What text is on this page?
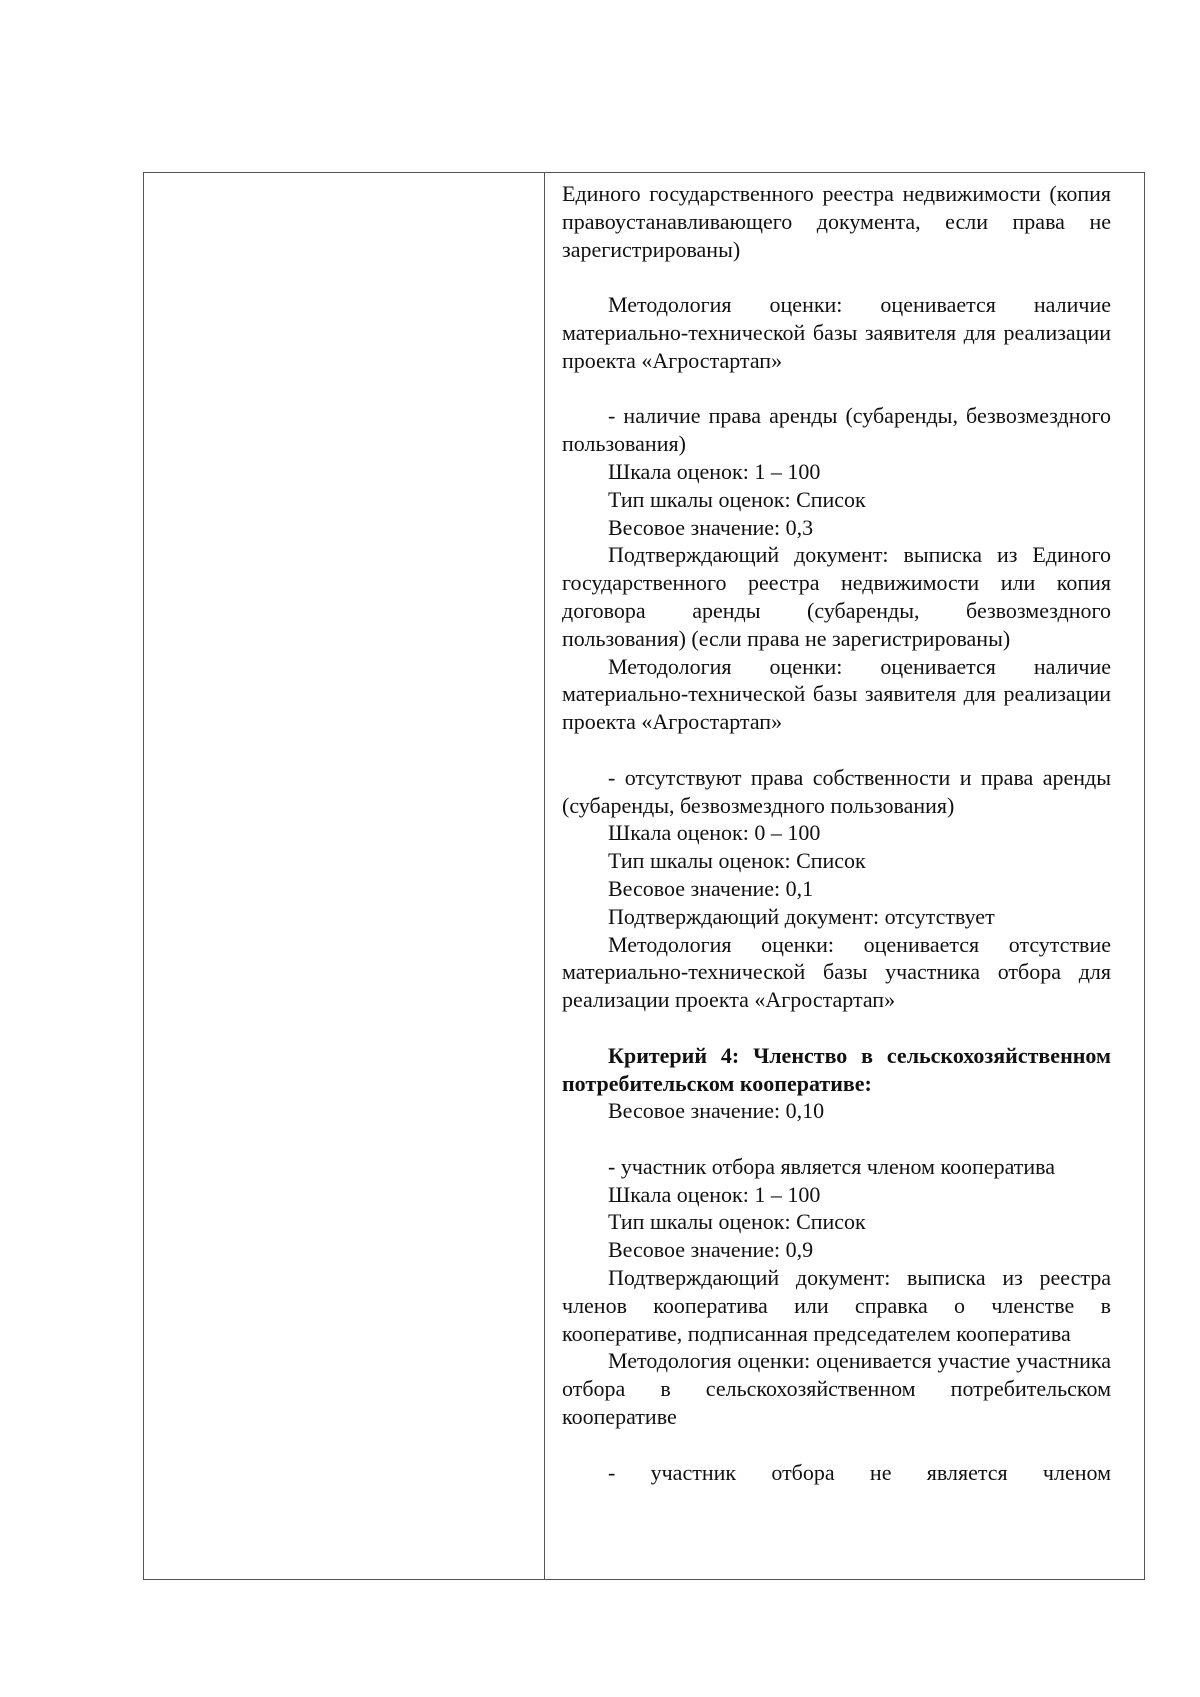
Единого государственного реестра недвижимости (копия правоустанавливающего документа, если права не зарегистрированы)

Методология оценки: оценивается наличие материально-технической базы заявителя для реализации проекта «Агростартап»

- наличие права аренды (субаренды, безвозмездного пользования)

Шкала оценок: 1 – 100

Тип шкалы оценок: Список

Весовое значение: 0,3

Подтверждающий документ: выписка из Единого государственного реестра недвижимости или копия договора аренды (субаренды, безвозмездного пользования) (если права не зарегистрированы)

Методология оценки: оценивается наличие материально-технической базы заявителя для реализации проекта «Агростартап»

- отсутствуют права собственности и права аренды (субаренды, безвозмездного пользования)

Шкала оценок: 0 – 100

Тип шкалы оценок: Список

Весовое значение: 0,1

Подтверждающий документ: отсутствует

Методология оценки: оценивается отсутствие материально-технической базы участника отбора для реализации проекта «Агростартап»

Критерий 4: Членство в сельскохозяйственном потребительском кооперативе:

Весовое значение: 0,10

- участник отбора является членом кооператива

Шкала оценок: 1 – 100

Тип шкалы оценок: Список

Весовое значение: 0,9

Подтверждающий документ: выписка из реестра членов кооператива или справка о членстве в кооперативе, подписанная председателем кооператива

Методология оценки: оценивается участие участника отбора в сельскохозяйственном потребительском кооперативе

- участник отбора не является членом
